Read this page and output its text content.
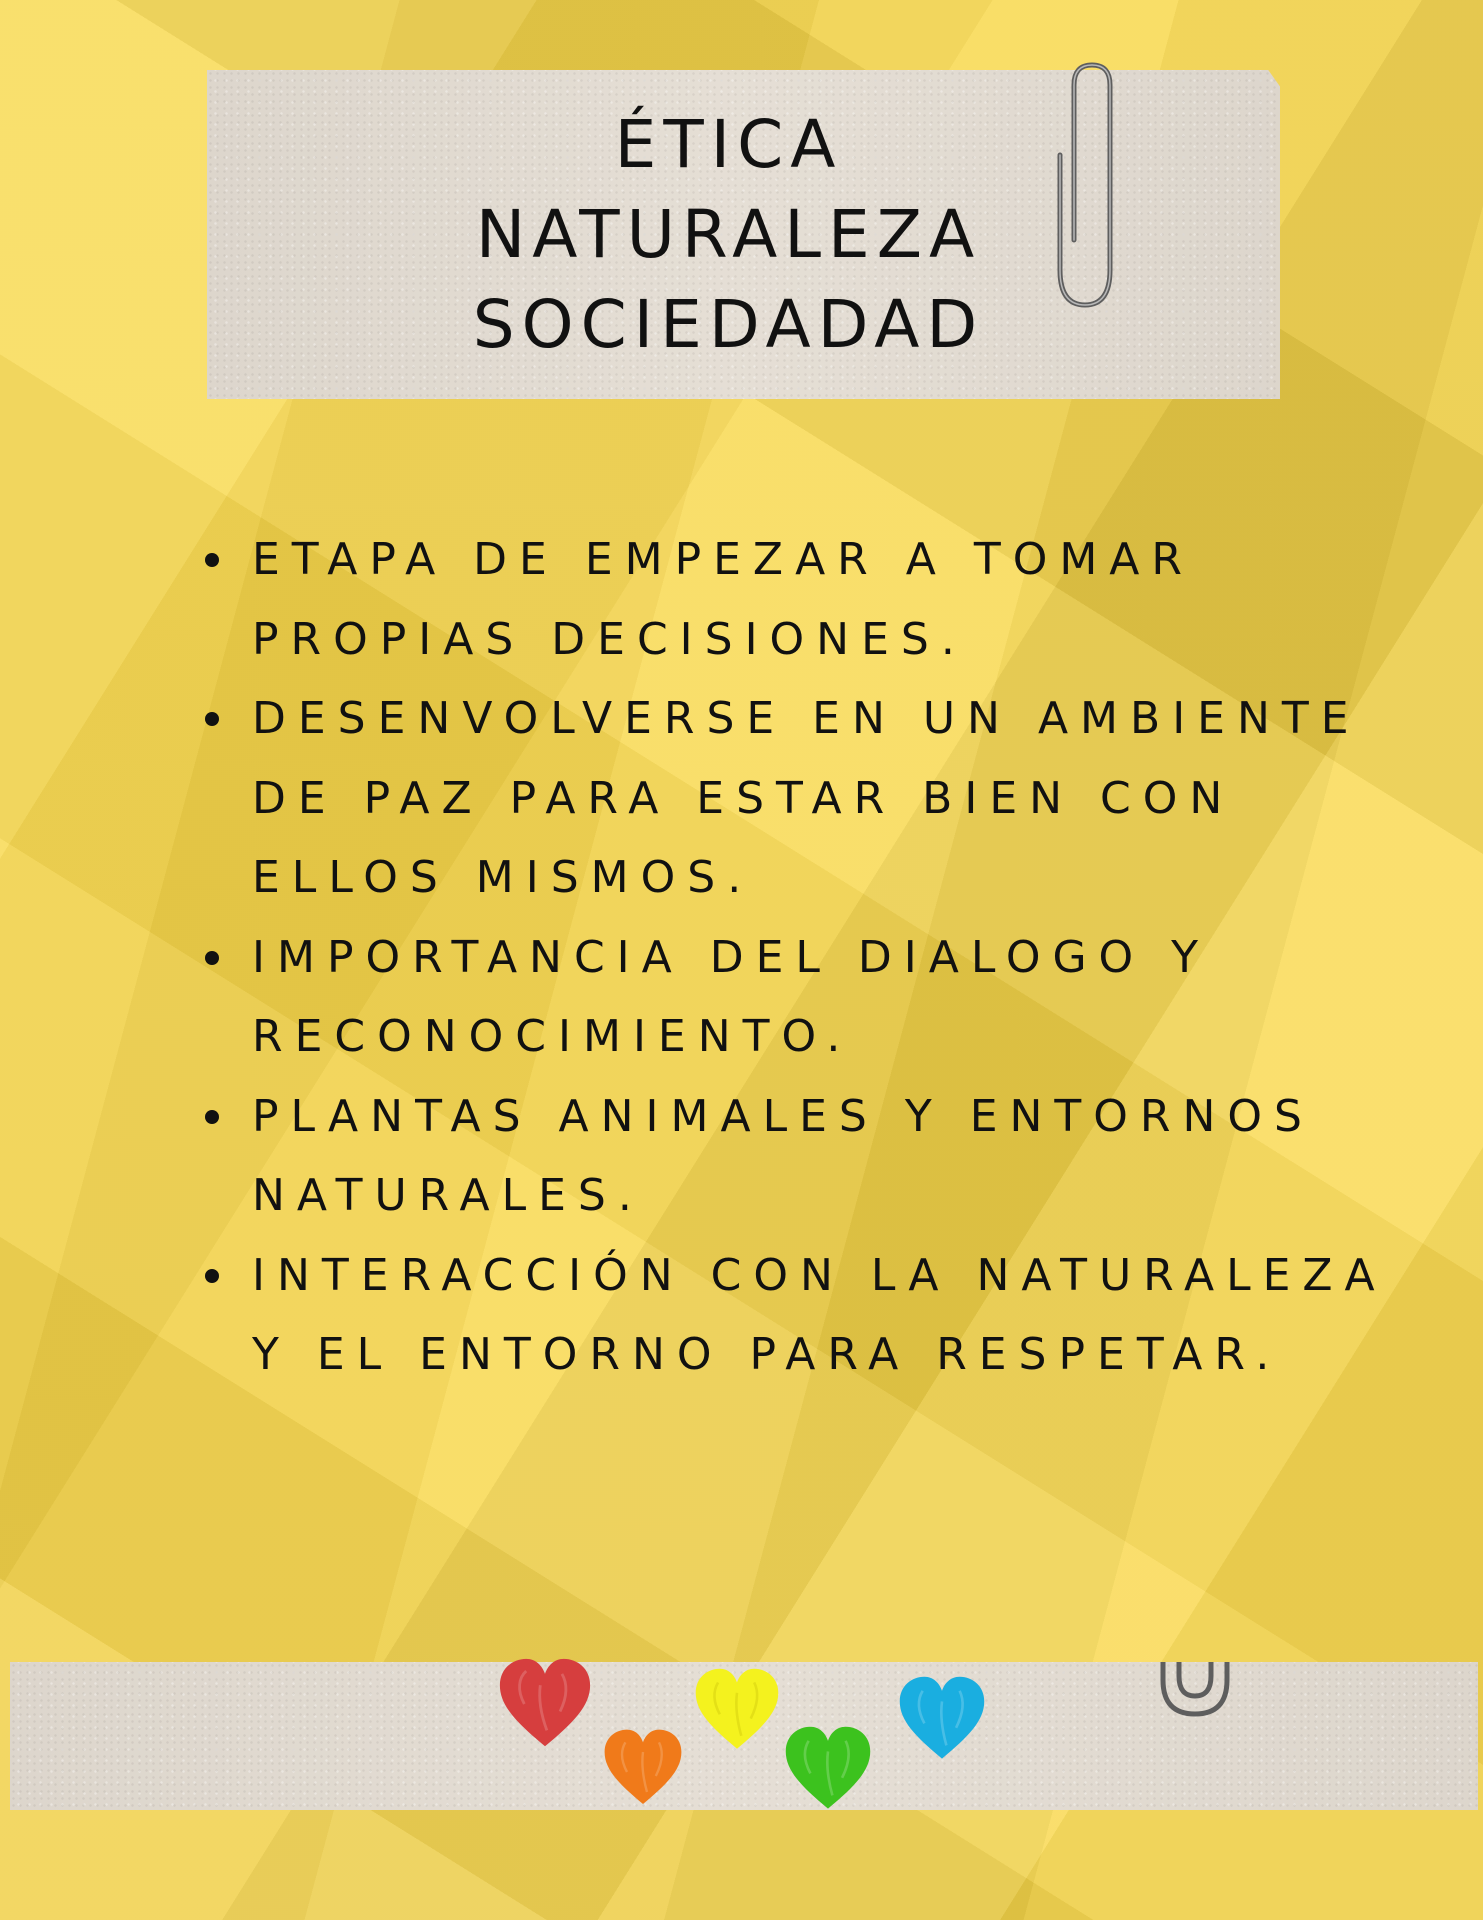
ÉTICA
NATURALEZA
SOCIEDADAD
ETAPA DE EMPEZAR A TOMAR PROPIAS DECISIONES.
DESENVOLVERSE EN UN AMBIENTE DE PAZ PARA ESTAR BIEN CON ELLOS MISMOS.
IMPORTANCIA DEL DIALOGO Y RECONOCIMIENTO.
PLANTAS ANIMALES Y ENTORNOS NATURALES.
INTERACCIÓN CON LA NATURALEZA Y EL ENTORNO PARA RESPETAR.
